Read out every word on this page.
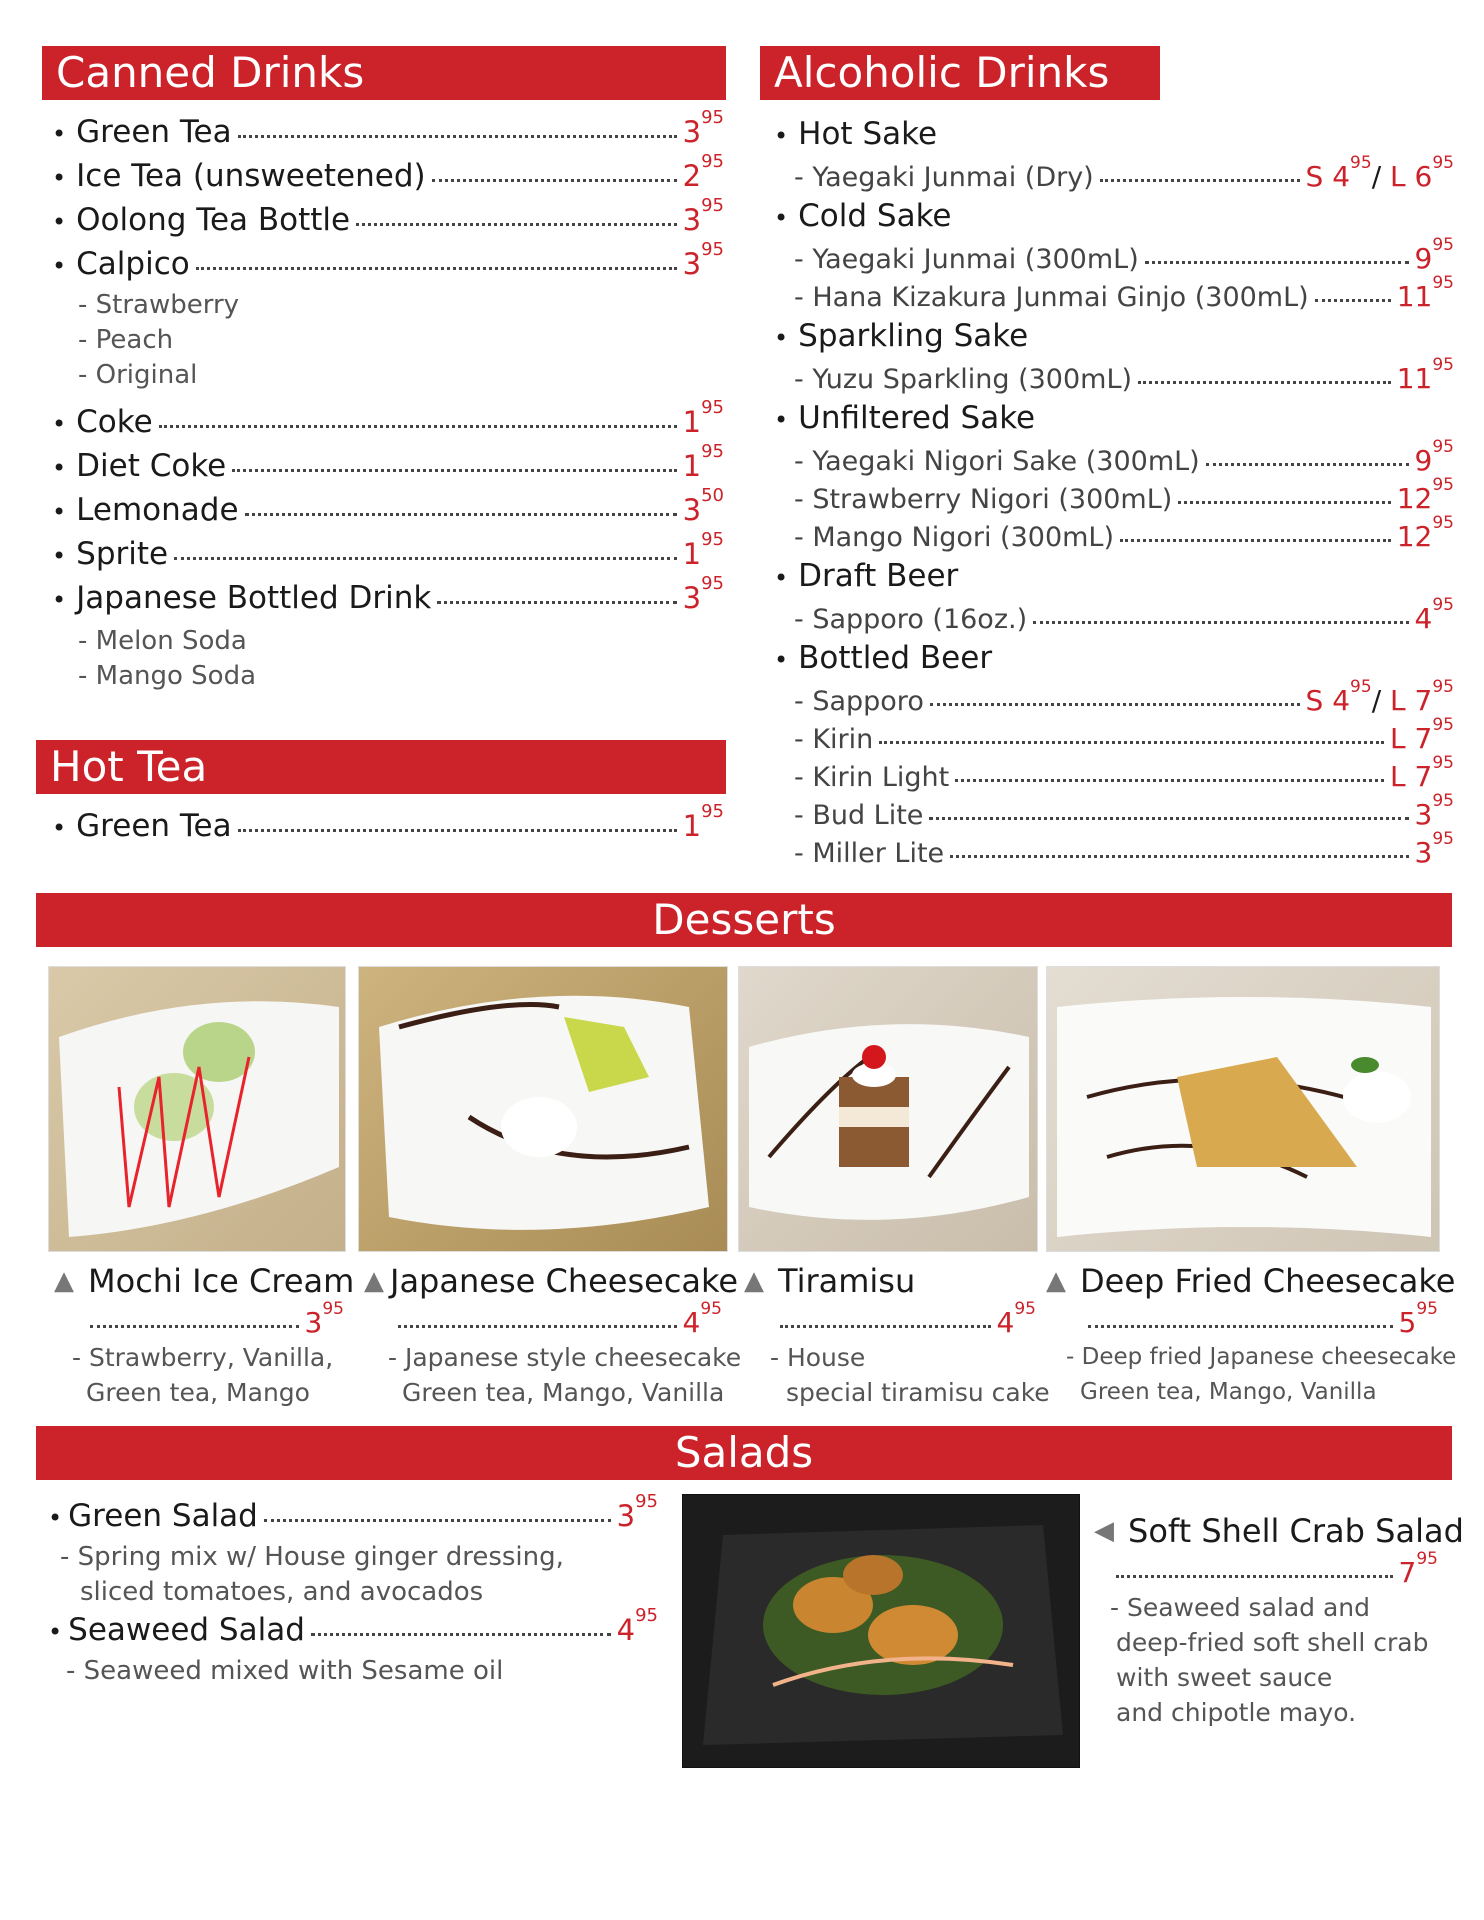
Canned Drinks
• Green Tea	$3^{95}$
• Ice Tea (unsweetened)	$2^{95}$
• Oolong Tea Bottle	$3^{95}$
• Calpico	$3^{95}$
- Strawberry
- Peach
- Original
• Coke	$1^{95}$
• Diet Coke	$1^{95}$
• Lemonade	$3^{50}$
• Sprite	$1^{95}$
• Japanese Bottled Drink	$3^{95}$
- Melon Soda
- Mango Soda
Hot Tea
• Green Tea	$1^{95}$
Alcoholic Drinks
• Hot Sake
- Yaegaki Junmai (Dry)	S $4^{95}/$ L $6^{95}$
• Cold Sake
- Yaegaki Junmai (300mL)	$9^{95}$
- Hana Kizakura Junmai Ginjo (300mL)	$11^{95}$
• Sparkling Sake
- Yuzu Sparkling (300mL)	$11^{95}$
• Unfiltered Sake
- Yaegaki Nigori Sake (300mL)	$9^{95}$
- Strawberry Nigori (300mL)	$12^{95}$
- Mango Nigori (300mL)	$12^{95}$
• Draft Beer
- Sapporo (16oz.)	$4^{95}$
• Bottled Beer
- Sapporo	S $4^{95}/$ L $7^{95}$
- Kirin	L $7^{95}$
- Kirin Light	L $7^{95}$
- Bud Lite	$3^{95}$
- Miller Lite	$3^{95}$
Desserts
▲ Mochi Ice Cream ▲ Japanese Cheesecake ▲ Tiramisu	▲ Deep Fried Cheesecake
$3^{95}$	$4^{95}$	$4^{95}$	$5^{95}$
- Strawberry, Vanilla,
Green tea, Mango
- Japanese style cheesecake
Green tea, Mango, Vanilla
- House
special tiramisu cake
- Deep fried Japanese cheesecake
Green tea, Mango, Vanilla
Salads
• Green Salad	$3^{95}$
- Spring mix w/ House ginger dressing,
sliced tomatoes, and avocados
• Seaweed Salad	$4^{95}$
- Seaweed mixed with Sesame oil
◀ Soft Shell Crab Salad
$7^{95}$
- Seaweed salad and
deep-fried soft shell crab
with sweet sauce
and chipotle mayo.
